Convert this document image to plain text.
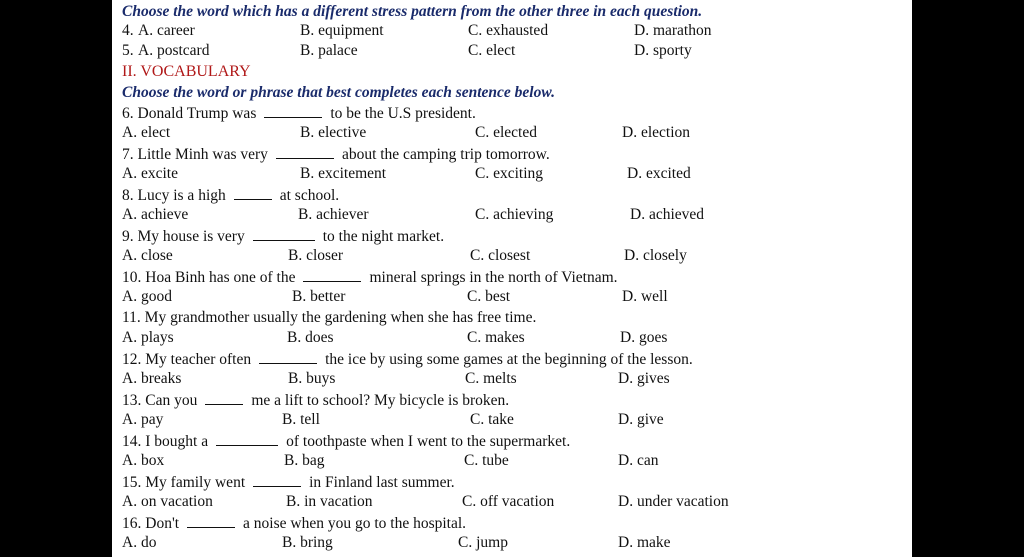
Choose the word which has a different stress pattern from the other three in each question.
4. A. career	B. equipment	C. exhausted	D. marathon
5. A. postcard	B. palace	C. elect	D. sporty
II. VOCABULARY
Choose the word or phrase that best completes each sentence below.
6. Donald Trump was	to be the U.S president.
A. elect	B. elective	C. elected	D. election
7. Little Minh was very	about the camping trip tomorrow.
A. excite	B. excitement	C. exciting	D. excited
8. Lucy is a high	at school.
A. achieve	B. achiever	C. achieving	D. achieved
9. My house is very	to the night market.
A. close	B. closer	C. closest	D. closely
10. Hoa Binh has one of the	mineral springs in the north of Vietnam.
A. good	B. better	C. best	D. well
11. My grandmother usually the gardening when she has free time.
A. plays	B. does	C. makes	D. goes
12. My teacher often	the ice by using some games at the beginning of the lesson.
A. breaks	B. buys	C. melts	D. gives
13. Can you	me a lift to school? My bicycle is broken.
A. pay	B. tell	C. take	D. give
14. I bought a	of toothpaste when I went to the supermarket.
A. box	B. bag	C. tube	D. can
15. My family went	in Finland last summer.
A. on vacation	B. in vacation	C. off vacation	D. under vacation
16. Don't	a noise when you go to the hospital.
A. do	B. bring	C. jump	D. make
